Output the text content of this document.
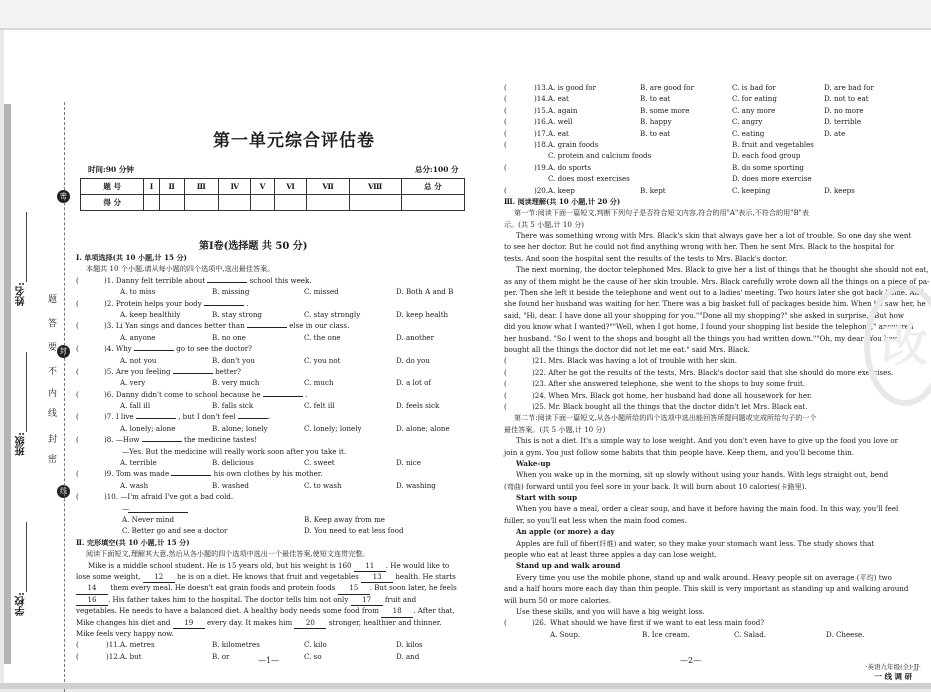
姓名:
班级:
学校:
密
题
答
要
不
封
内
线
封
密
线
第一单元综合评估卷
时间:90 分钟	总分:100 分
题 号	Ⅰ	Ⅱ	Ⅲ	Ⅳ	Ⅴ	Ⅵ	Ⅶ	Ⅷ	总 分
得 分									
第Ⅰ卷(选择题 共 50 分)
Ⅰ. 单项选择(共 10 小题,计 15 分)
本题共 10 个小题,请从每小题的四个选项中,选出最佳答案。
(	)1. Danny felt terrible about	school this week.
A. to miss	B. missing	C. missed	D. Both A and B
(	)2. Protein helps your body	.
A. keep healthily	B. stay strong	C. stay strongly	D. keep health
(	)3. Li Yan sings and dances better than	else in our class.
A. anyone	B. no one	C. the one	D. another
(	)4. Why	go to see the doctor?
A. not you	B. don't you	C. you not	D. do you
(	)5. Are you feeling	better?
A. very	B. very much	C. much	D. a lot of
(	)6. Danny didn't come to school because he	.
A. fall ill	B. falls sick	C. felt ill	D. feels sick
(	)7. I live	, but I don't feel	.
A. lonely; alone	B. alone; lonely	C. lonely; lonely	D. alone; alone
(	)8. —How	the medicine tastes!
—Yes. But the medicine will really work soon after you take it.
A. terrible	B. delicious	C. sweet	D. nice
(	)9. Tom was made	his own clothes by his mother.
A. wash	B. washed	C. to wash	D. washing
(	)10. —I'm afraid I've got a bad cold.
—
A. Never mind	B. Keep away from me
C. Better go and see a doctor	D. You need to eat less food
Ⅱ. 完形填空(共 10 小题,计 15 分)
阅读下面短文,理解其大意,然后从各小题的四个选项中选出一个最佳答案,使短文连贯完整。
Mike is a middle school student. He is 15 years old, but his weight is 160 11 . He would like to
lose some weight, 12 he is on a diet. He knows that fruit and vegetables 13 health. He starts
14 them every meal. He doesn't eat grain foods and protein foods 15 . But soon later, he feels
16 . His father takes him to the hospital. The doctor tells him not only 17 fruit and
vegetables. He needs to have a balanced diet. A healthy body needs some food from 18 . After that,
Mike changes his diet and 19 every day. It makes him 20 stronger, healthier and thinner.
Mike feels very happy now.
(	)11. A. metres	B. kilometres	C. kilo	D. kilos
(	)12. A. but	B. or	C. so	D. and
(	)13. A. is good for	B. are good for	C. is bad for	D. are bad for
(	)14. A. eat	B. to eat	C. for eating	D. not to eat
(	)15. A. again	B. some more	C. any more	D. no more
(	)16. A. well	B. happy	C. angry	D. terrible
(	)17. A. eat	B. to eat	C. eating	D. ate
(	)18. A. grain foods	B. fruit and vegetables
C. protein and calcium foods	D. each food group
(	)19. A. do sports	B. do some sporting
C. does most exercises	D. does more exercise
(	)20. A. keep	B. kept	C. keeping	D. keeps
Ⅲ. 阅读理解(共 10 小题,计 20 分)
第一节:阅读下面一篇短文,判断下列句子是否符合短文内容,符合的用"A"表示,不符合的用"B"表
示。(共 5 小题,计 10 分)
There was something wrong with Mrs. Black's skin that always gave her a lot of trouble. So one day she went
to see her doctor. But he could not find anything wrong with her. Then he sent Mrs. Black to the hospital for
tests. And soon the hospital sent the results of the tests to Mrs. Black's doctor.
The next morning, the doctor telephoned Mrs. Black to give her a list of things that he thought she should not eat,
as any of them might be the cause of her skin trouble. Mrs. Black carefully wrote down all the things on a piece of pa-
per. Then she left it beside the telephone and went out to a ladies' meeting. Two hours later she got back home. And
she found her husband was waiting for her. There was a big basket full of packages beside him. When he saw her, he
said, "Hi, dear. I have done all your shopping for you.""Done all my shopping?" she asked in surprise, "But how
did you know what I wanted?""Well, when I got home, I found your shopping list beside the telephone," answered
her husband. "So I went to the shops and bought all the things you had written down.""Oh, my dear! You have
bought all the things the doctor did not let me eat." said Mrs. Black.
(	)21. Mrs. Black was having a lot of trouble with her skin.
(	)22. After he got the results of the tests, Mrs. Black's doctor said that she should do more exercises.
(	)23. After she answered telephone, she went to the shops to buy some fruit.
(	)24. When Mrs. Black got home, her husband had done all housework for her.
(	)25. Mr. Black bought all the things that the doctor didn't let Mrs. Black eat.
第二节:阅读下面一篇短文,从各小题所给的四个选项中选出能回答所提问题或完成所给句子的一个
最佳答案。(共 5 小题,计 10 分)
This is not a diet. It's a simple way to lose weight. And you don't even have to give up the food you love or
join a gym. You just follow some habits that thin people have. Keep them, and you'll become thin.
Wake-up
When you wake up in the morning, sit up slowly without using your hands. With legs straight out, bend
(弯曲) forward until you feel sore in your back. It will burn about 10 calories(卡路里).
Start with soup
When you have a meal, order a clear soup, and have it before having the main food. In this way, you'll feel
fuller, so you'll eat less when the main food comes.
An apple (or more) a day
Apples are full of fiber(纤维) and water, so they make your stomach want less. The study shows that
people who eat at least three apples a day can lose weight.
Stand up and walk around
Every time you use the mobile phone, stand up and walk around. Heavy people sit on average (平均) two
and a half hours more each day than thin people. This skill is very important as standing up and walking around
will burn 50 or more calories.
Use these skills, and you will have a big weight loss.
(	)26. What should we have first if we want to eat less main food?
A. Soup.	B. Ice cream.	C. Salad.	D. Cheese.
—1—	—2—
·英语九年级(全)·JJ·
一 线 调 研
改
